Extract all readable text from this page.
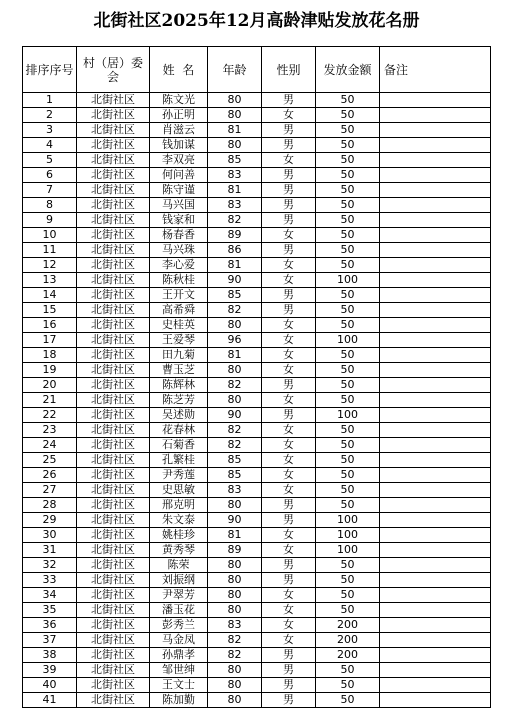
北街社区2025年12月高龄津贴发放花名册
排序序号	村（居）委会	姓  名	年龄	性别	发放金额	备注
1	北街社区	陈文光	80	男	50	
2	北街社区	孙正明	80	女	50	
3	北街社区	肖滋云	81	男	50	
4	北街社区	钱加谋	80	男	50	
5	北街社区	李双亮	85	女	50	
6	北街社区	何问善	83	男	50	
7	北街社区	陈守谨	81	男	50	
8	北街社区	马兴国	83	男	50	
9	北街社区	钱家和	82	男	50	
10	北街社区	杨春香	89	女	50	
11	北街社区	马兴珠	86	男	50	
12	北街社区	李心爱	81	女	50	
13	北街社区	陈秋桂	90	女	100	
14	北街社区	王开文	85	男	50	
15	北街社区	高希舜	82	男	50	
16	北街社区	史桂英	80	女	50	
17	北街社区	王爱琴	96	女	100	
18	北街社区	田九菊	81	女	50	
19	北街社区	曹玉芝	80	女	50	
20	北街社区	陈辉林	82	男	50	
21	北街社区	陈芝芳	80	女	50	
22	北街社区	吴述勋	90	男	100	
23	北街社区	花春林	82	女	50	
24	北街社区	石菊香	82	女	50	
25	北街社区	孔繁桂	85	女	50	
26	北街社区	尹秀莲	85	女	50	
27	北街社区	史思敏	83	女	50	
28	北街社区	邢克明	80	男	50	
29	北街社区	朱文泰	90	男	100	
30	北街社区	姚桂珍	81	女	100	
31	北街社区	黄秀琴	89	女	100	
32	北街社区	陈荣	80	男	50	
33	北街社区	刘振纲	80	男	50	
34	北街社区	尹翠芳	80	女	50	
35	北街社区	潘玉花	80	女	50	
36	北街社区	彭秀兰	83	女	200	
37	北街社区	马金凤	82	女	200	
38	北街社区	孙鼎孝	82	男	200	
39	北街社区	邹世绅	80	男	50	
40	北街社区	王文士	80	男	50	
41	北街社区	陈加勤	80	男	50	
